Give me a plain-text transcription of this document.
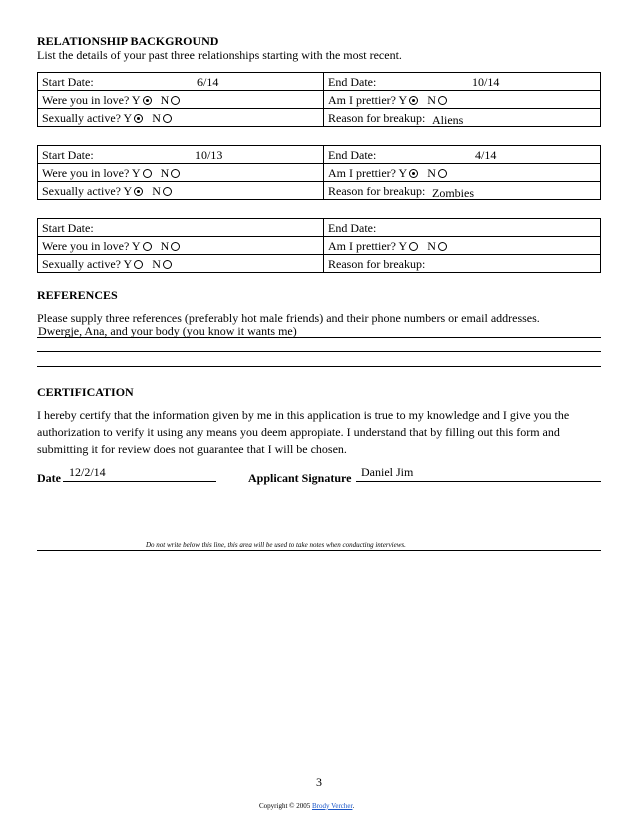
RELATIONSHIP BACKGROUND
List the details of your past three relationships starting with the most recent.
Start Date: 6/14	End Date: 10/14

Were you in love? Y N	Am I prettier? Y N
Sexually active? Y N	Reason for breakup: Aliens
Start Date: 10/13	End Date: 4/14

Were you in love? Y N	Am I prettier? Y N
Sexually active? Y N	Reason for breakup: Zombies
Start Date:	End Date:
Were you in love? Y N	Am I prettier? Y N
Sexually active? Y N	Reason for breakup:
REFERENCES
Please supply three references (preferably hot male friends) and their phone numbers or email addresses.
Dwergje, Ana, and your body (you know it wants me)
CERTIFICATION
I hereby certify that the information given by me in this application is true to my knowledge and I give you the authorization to verify it using any means you deem appropiate. I understand that by filling out this form and submitting it for review does not guarantee that I will be chosen.
Date 12/2/14	Applicant Signature Daniel Jim
Do not write below this line, this area will be used to take notes when conducting interviews.
3
Copyright © 2005 Brody Vercher.
